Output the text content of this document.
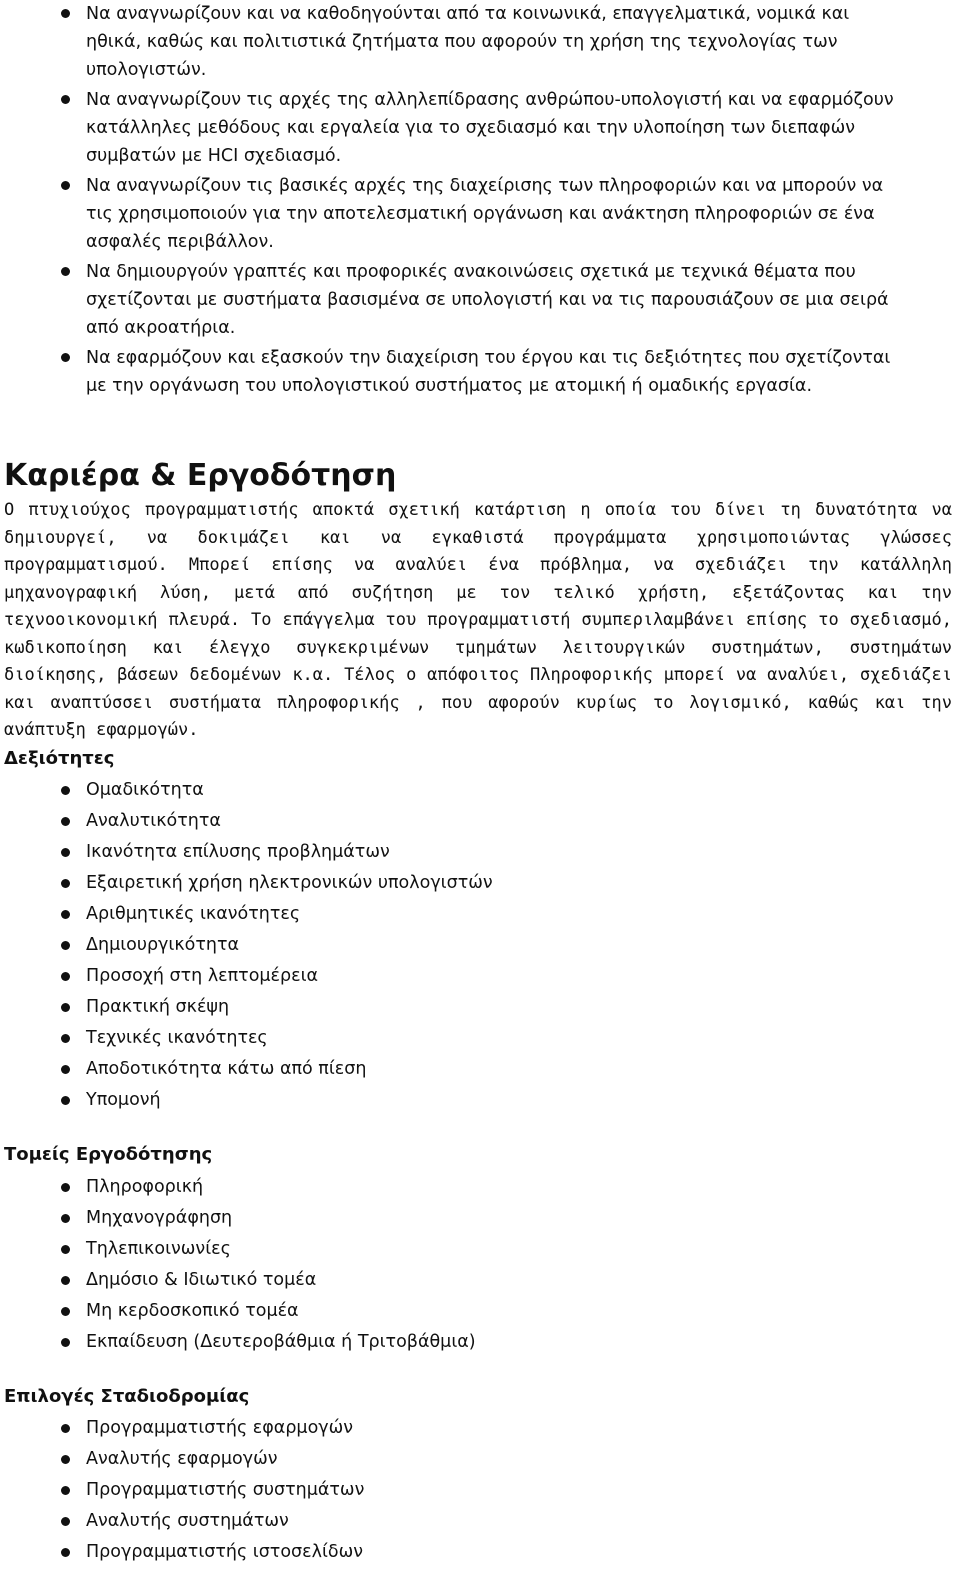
Να αναγνωρίζουν και να καθοδηγούνται από τα κοινωνικά, επαγγελματικά, νομικά και ηθικά, καθώς και πολιτιστικά ζητήματα που αφορούν τη χρήση της τεχνολογίας των υπολογιστών.
Να αναγνωρίζουν τις αρχές της αλληλεπίδρασης ανθρώπου-υπολογιστή και να εφαρμόζουν κατάλληλες μεθόδους και εργαλεία για το σχεδιασμό και την υλοποίηση των διεπαφών συμβατών με HCI σχεδιασμό.
Να αναγνωρίζουν τις βασικές αρχές της διαχείρισης των πληροφοριών και να μπορούν να τις χρησιμοποιούν για την αποτελεσματική οργάνωση και ανάκτηση πληροφοριών σε ένα ασφαλές περιβάλλον.
Να δημιουργούν γραπτές και προφορικές ανακοινώσεις σχετικά με τεχνικά θέματα που σχετίζονται με συστήματα βασισμένα σε υπολογιστή και να τις παρουσιάζουν σε μια σειρά από ακροατήρια.
Να εφαρμόζουν και εξασκούν την διαχείριση του έργου και τις δεξιότητες που σχετίζονται με την οργάνωση του υπολογιστικού συστήματος με ατομική ή ομαδικής εργασία.
Καριέρα & Εργοδότηση

Ο πτυχιούχος προγραμματιστής αποκτά σχετική κατάρτιση η οποία του δίνει τη δυνατότητα να δημιουργεί, να δοκιμάζει και να εγκαθιστά προγράμματα χρησιμοποιώντας γλώσσες προγραμματισμού. Μπορεί επίσης να αναλύει ένα πρόβλημα, να σχεδιάζει την κατάλληλη μηχανογραφική λύση, μετά από συζήτηση με τον τελικό χρήστη, εξετάζοντας και την τεχνοοικονομική πλευρά. Το επάγγελμα του προγραμματιστή συμπεριλαμβάνει επίσης το σχεδιασμό, κωδικοποίηση και έλεγχο συγκεκριμένων τμημάτων λειτουργικών συστημάτων, συστημάτων διοίκησης, βάσεων δεδομένων κ.α. Τέλος ο απόφοιτος Πληροφορικής μπορεί να αναλύει, σχεδιάζει και αναπτύσσει συστήματα πληροφορικής , που αφορούν κυρίως το λογισμικό, καθώς και την ανάπτυξη εφαρμογών.

Δεξιότητες
Ομαδικότητα
Αναλυτικότητα
Ικανότητα επίλυσης προβλημάτων
Εξαιρετική χρήση ηλεκτρονικών υπολογιστών
Αριθμητικές ικανότητες
Δημιουργικότητα
Προσοχή στη λεπτομέρεια
Πρακτική σκέψη
Τεχνικές ικανότητες
Αποδοτικότητα κάτω από πίεση
Υπομονή
Τομείς Εργοδότησης
Πληροφορική
Μηχανογράφηση
Τηλεπικοινωνίες
Δημόσιο & Ιδιωτικό τομέα
Μη κερδοσκοπικό τομέα
Εκπαίδευση (Δευτεροβάθμια ή Τριτοβάθμια)
Επιλογές Σταδιοδρομίας
Προγραμματιστής εφαρμογών
Αναλυτής εφαρμογών
Προγραμματιστής συστημάτων
Αναλυτής συστημάτων
Προγραμματιστής ιστοσελίδων
